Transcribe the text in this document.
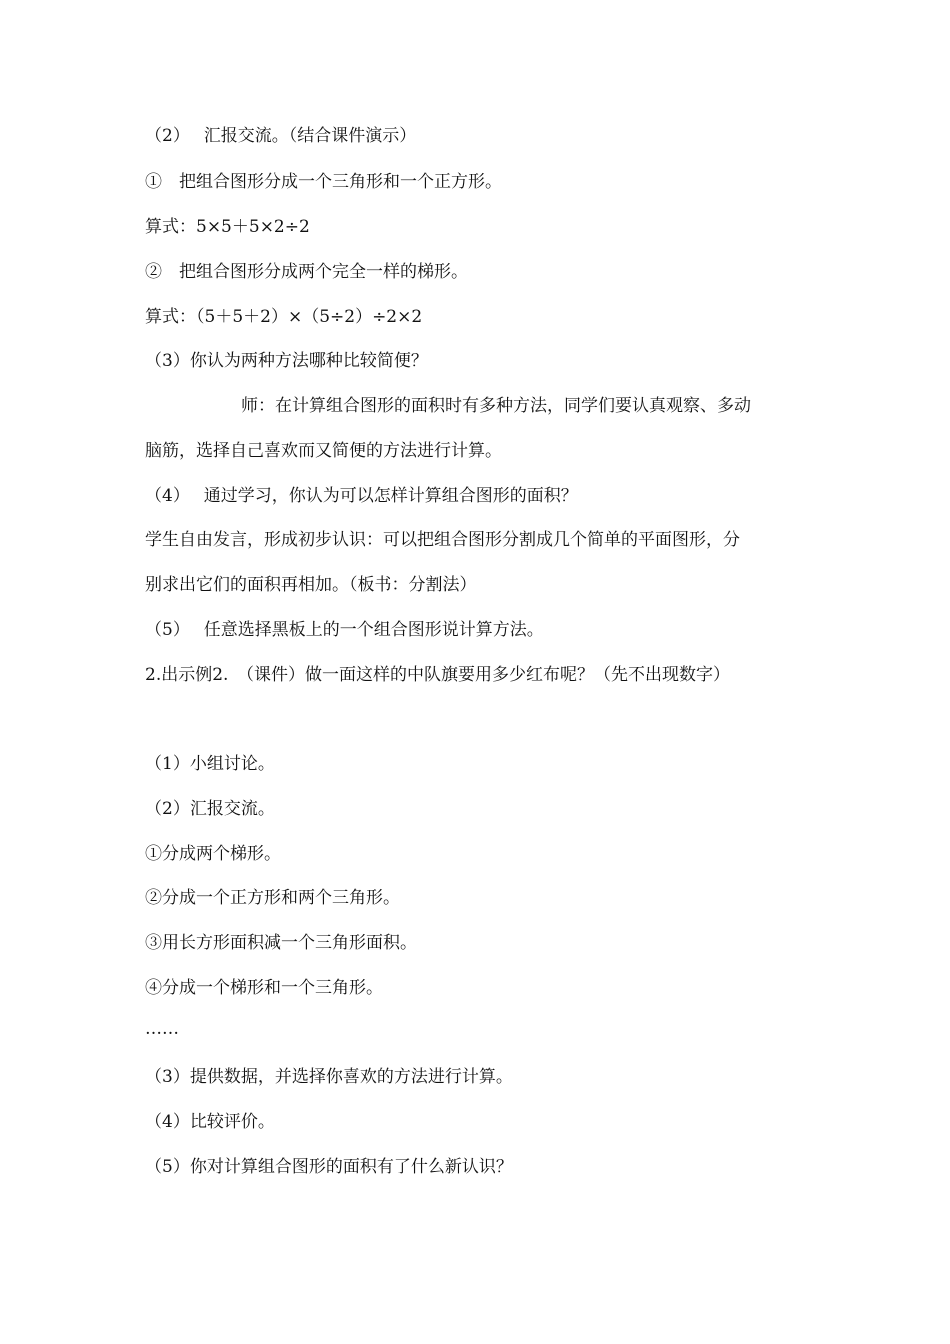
（2）　 汇报交流。（结合课件演示）
①　把组合图形分成一个三角形和一个正方形。
算式：5×5＋5×2÷2
②　把组合图形分成两个完全一样的梯形。
算式：（5＋5＋2）×（5÷2）÷2×2
（3）你认为两种方法哪种比较简便？
师：在计算组合图形的面积时有多种方法，同学们要认真观察、多动
脑筋，选择自己喜欢而又简便的方法进行计算。
（4）　 通过学习，你认为可以怎样计算组合图形的面积？
学生自由发言，形成初步认识：可以把组合图形分割成几个简单的平面图形，分
别求出它们的面积再相加。（板书：分割法）
（5）　 任意选择黑板上的一个组合图形说计算方法。
2.出示例2.　（课件）做一面这样的中队旗要用多少红布呢？（先不出现数字）
（1）小组讨论。
（2）汇报交流。
①分成两个梯形。
②分成一个正方形和两个三角形。
③用长方形面积减一个三角形面积。
④分成一个梯形和一个三角形。
……
（3）提供数据，并选择你喜欢的方法进行计算。
（4）比较评价。
（5）你对计算组合图形的面积有了什么新认识？
